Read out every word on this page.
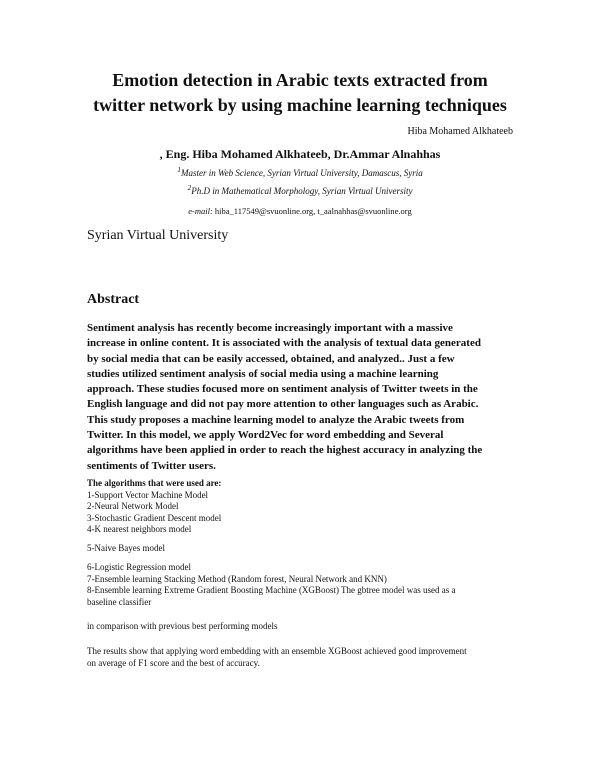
Emotion detection in Arabic texts extracted from
twitter network by using machine learning techniques
Hiba Mohamed Alkhateeb
, Eng. Hiba Mohamed Alkhateeb, Dr.Ammar Alnahhas
$^1$Master in Web Science, Syrian Virtual University, Damascus, Syria
$^2$Ph.D in Mathematical Morphology, Syrian Virtual University
e-mail: hiba_117549@svuonline.org, t_aalnahhas@svuonline.org
Syrian Virtual University
Abstract
Sentiment analysis has recently become increasingly important with a massive
increase in online content. It is associated with the analysis of textual data generated
by social media that can be easily accessed, obtained, and analyzed.. Just a few
studies utilized sentiment analysis of social media using a machine learning
approach. These studies focused more on sentiment analysis of Twitter tweets in the
English language and did not pay more attention to other languages such as Arabic.
This study proposes a machine learning model to analyze the Arabic tweets from
Twitter. In this model, we apply Word2Vec for word embedding and Several
algorithms have been applied in order to reach the highest accuracy in analyzing the
sentiments of Twitter users.
The algorithms that were used are:
1-Support Vector Machine Model
2-Neural Network Model
3-Stochastic Gradient Descent model
4-K nearest neighbors model
5-Naive Bayes model
6-Logistic Regression model
7-Ensemble learning Stacking Method (Random forest, Neural Network and KNN)
8-Ensemble learning Extreme Gradient Boosting Machine (XGBoost) The gbtree model was used as a
baseline classifier
in comparison with previous best performing models
The results show that applying word embedding with an ensemble XGBoost achieved good improvement
on average of F1 score and the best of accuracy.
